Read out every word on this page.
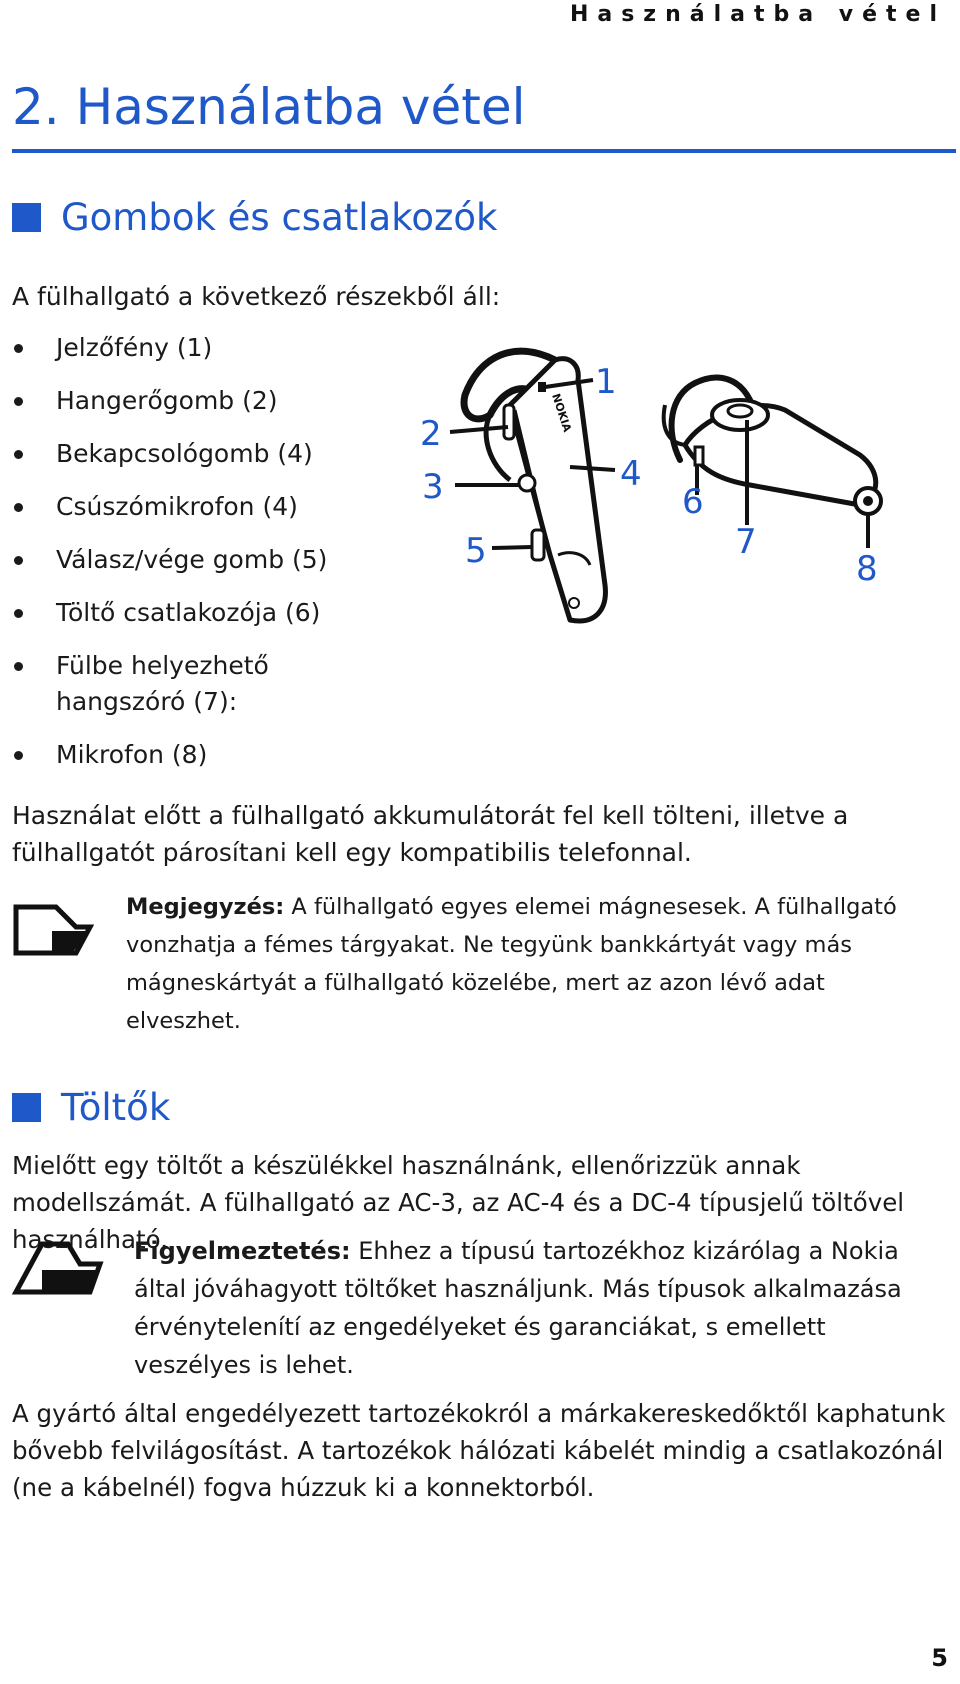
Használatba vétel
2. Használatba vétel
Gombok és csatlakozók

A fülhallgató a következő részekből áll:

Jelzőfény (1)
Hangerőgomb (2)
Bekapcsológomb (4)
Csúszómikrofon (4)
Válasz/vége gomb (5)
Töltő csatlakozója (6)
Fülbe helyezhető hangszóró (7):
Mikrofon (8)
NOKIA
1
2
3	4
5
6
7
8

Használat előtt a fülhallgató akkumulátorát fel kell tölteni, illetve a fülhallgatót párosítani kell egy kompatibilis telefonnal.

Megjegyzés: A fülhallgató egyes elemei mágnesesek. A fülhallgató vonzhatja a fémes tárgyakat. Ne tegyünk bankkártyát vagy más mágneskártyát a fülhallgató közelébe, mert az azon lévő adat elveszhet.

Töltők

Mielőtt egy töltőt a készülékkel használnánk, ellenőrizzük annak modellszámát. A fülhallgató az AC-3, az AC-4 és a DC-4 típusjelű töltővel használható.

Figyelmeztetés: Ehhez a típusú tartozékhoz kizárólag a Nokia által jóváhagyott töltőket használjunk. Más típusok alkalmazása érvénytelenítí az engedélyeket és garanciákat, s emellett veszélyes is lehet.

A gyártó által engedélyezett tartozékokról a márkakereskedőktől kaphatunk bővebb felvilágosítást. A tartozékok hálózati kábelét mindig a csatlakozónál (ne a kábelnél) fogva húzzuk ki a konnektorból.

5
